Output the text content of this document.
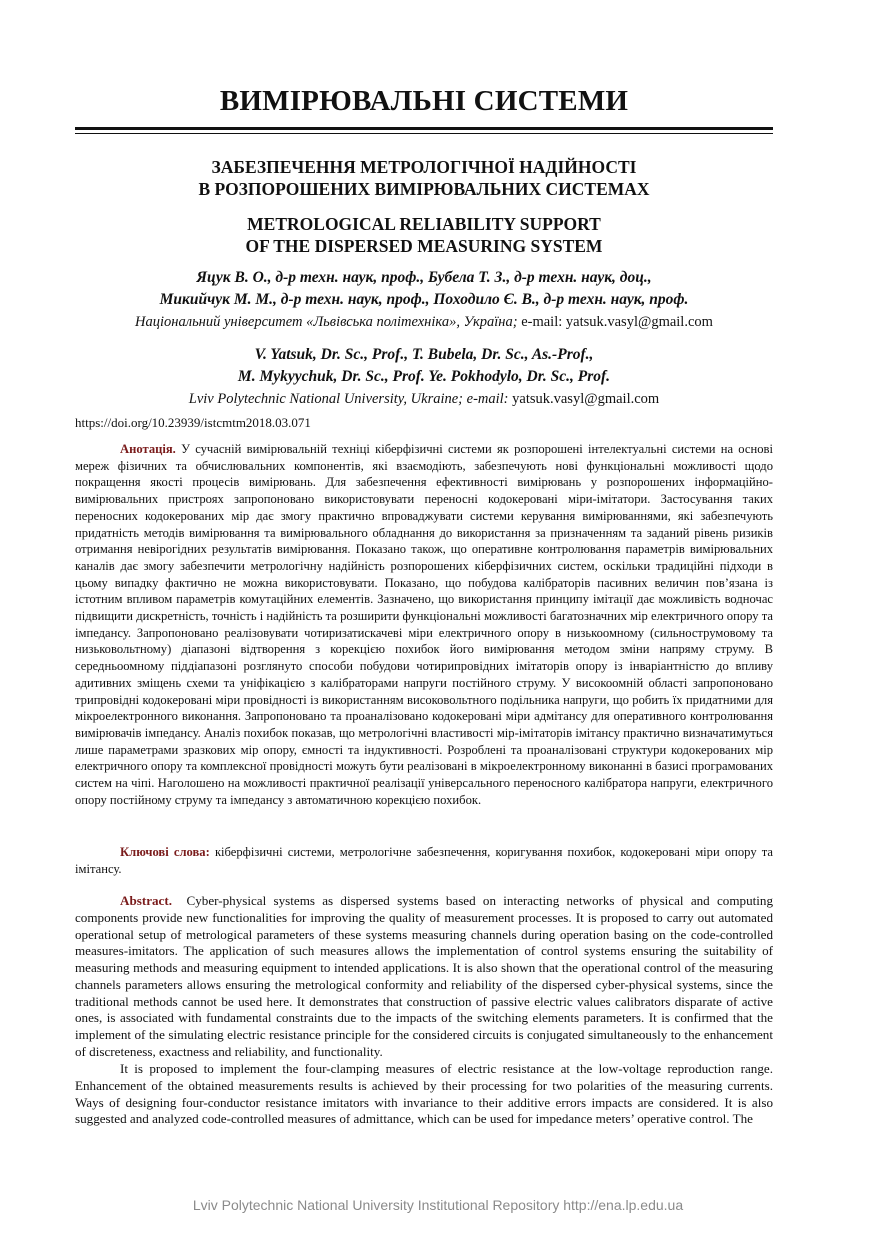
ВИМІРЮВАЛЬНІ СИСТЕМИ
ЗАБЕЗПЕЧЕННЯ МЕТРОЛОГІЧНОЇ НАДІЙНОСТІ
В РОЗПОРОШЕНИХ ВИМІРЮВАЛЬНИХ СИСТЕМАХ
METROLOGICAL RELIABILITY SUPPORT
OF THE DISPERSED MEASURING SYSTEM
Яцук В. О., д-р техн. наук, проф., Бубела Т. З., д-р техн. наук, доц.,
Микийчук М. М., д-р техн. наук, проф., Походило Є. В., д-р техн. наук, проф.
Національний університет «Львівська політехніка», Україна; e-mail: yatsuk.vasyl@gmail.com
V. Yatsuk, Dr. Sc., Prof., T. Bubela, Dr. Sc., As.-Prof.,
M. Mykyychuk, Dr. Sc., Prof. Ye. Pokhodylo, Dr. Sc., Prof.
Lviv Polytechnic National University, Ukraine; e-mail: yatsuk.vasyl@gmail.com
https://doi.org/10.23939/istcmtm2018.03.071

Анотація. У сучасній вимірювальній техніці кіберфізичні системи як розпорошені інтелектуальні системи на основі мереж фізичних та обчислювальних компонентів, які взаємодіють, забезпечують нові функціональні можливості щодо покращення якості процесів вимірювань. Для забезпечення ефективності вимірювань у розпорошених інформаційно-вимірювальних пристроях запропоновано використовувати переносні кодокеровані міри-імітатори. Застосування таких переносних кодокерованих мір дає змогу практично впроваджувати системи керування вимірюваннями, які забезпечують придатність методів вимірювання та вимірювального обладнання до використання за призначенням та заданий рівень ризиків отримання невірогідних результатів вимірювання. Показано також, що оперативне контролювання параметрів вимірювальних каналів дає змогу забезпечити метрологічну надійність розпорошених кіберфізичних систем, оскільки традиційні підходи в цьому випадку фактично не можна використовувати. Показано, що побудова калібраторів пасивних величин пов’язана із істотним впливом параметрів комутаційних елементів. Зазначено, що використання принципу імітації дає можливість водночас підвищити дискретність, точність і надійність та розширити функціональні можливості багатозначних мір електричного опору та імпедансу. Запропоновано реалізовувати чотиризатискачеві міри електричного опору в низькоомному (сильнострумовому та низьковольтному) діапазоні відтворення з корекцією похибок його вимірювання методом зміни напряму струму. В середньоомному піддіапазоні розглянуто способи побудови чотирипровідних імітаторів опору із інваріантністю до впливу адитивних зміщень схеми та уніфікацією з калібраторами напруги постійного струму. У високоомній області запропоновано трипровідні кодокеровані міри провідності із використанням високовольтного подільника напруги, що робить їх придатними для мікроелектронного виконання. Запропоновано та проаналізовано кодокеровані міри адмітансу для оперативного контролювання вимірювачів імпедансу. Аналіз похибок показав, що метрологічні властивості мір-імітаторів імітансу практично визначатимуться лише параметрами зразкових мір опору, ємності та індуктивності. Розроблені та проаналізовані структури кодокерованих мір електричного опору та комплексної провідності можуть бути реалізовані в мікроелектронному виконанні в базисі програмованих систем на чіпі. Наголошено на можливості практичної реалізації універсального переносного калібратора напруги, електричного опору постійному струму та імпедансу з автоматичною корекцією похибок.

Ключові слова: кіберфізичні системи, метрологічне забезпечення, коригування похибок, кодокеровані міри опору та імітансу.

Abstract. Cyber-physical systems as dispersed systems based on interacting networks of physical and computing components provide new functionalities for improving the quality of measurement processes. It is proposed to carry out automated operational setup of metrological parameters of these systems measuring channels during operation basing on the code-controlled measures-imitators. The application of such measures allows the implementation of control systems ensuring the suitability of measuring methods and measuring equipment to intended applications. It is also shown that the operational control of the measuring channels parameters allows ensuring the metrological conformity and reliability of the dispersed cyber-physical systems, since the traditional methods cannot be used here. It demonstrates that construction of passive electric values calibrators disparate of active ones, is associated with fundamental constraints due to the impacts of the switching elements parameters. It is confirmed that the implement of the simulating electric resistance principle for the considered circuits is conjugated simultaneously to the enhancement of discreteness, exactness and reliability, and functionality.

It is proposed to implement the four-clamping measures of electric resistance at the low-voltage reproduction range. Enhancement of the obtained measurements results is achieved by their processing for two polarities of the measuring currents. Ways of designing four-conductor resistance imitators with invariance to their additive errors impacts are considered. It is also suggested and analyzed code-controlled measures of admittance, which can be used for impedance meters’ operative control. The

Lviv Polytechnic National University Institutional Repository http://ena.lp.edu.ua
